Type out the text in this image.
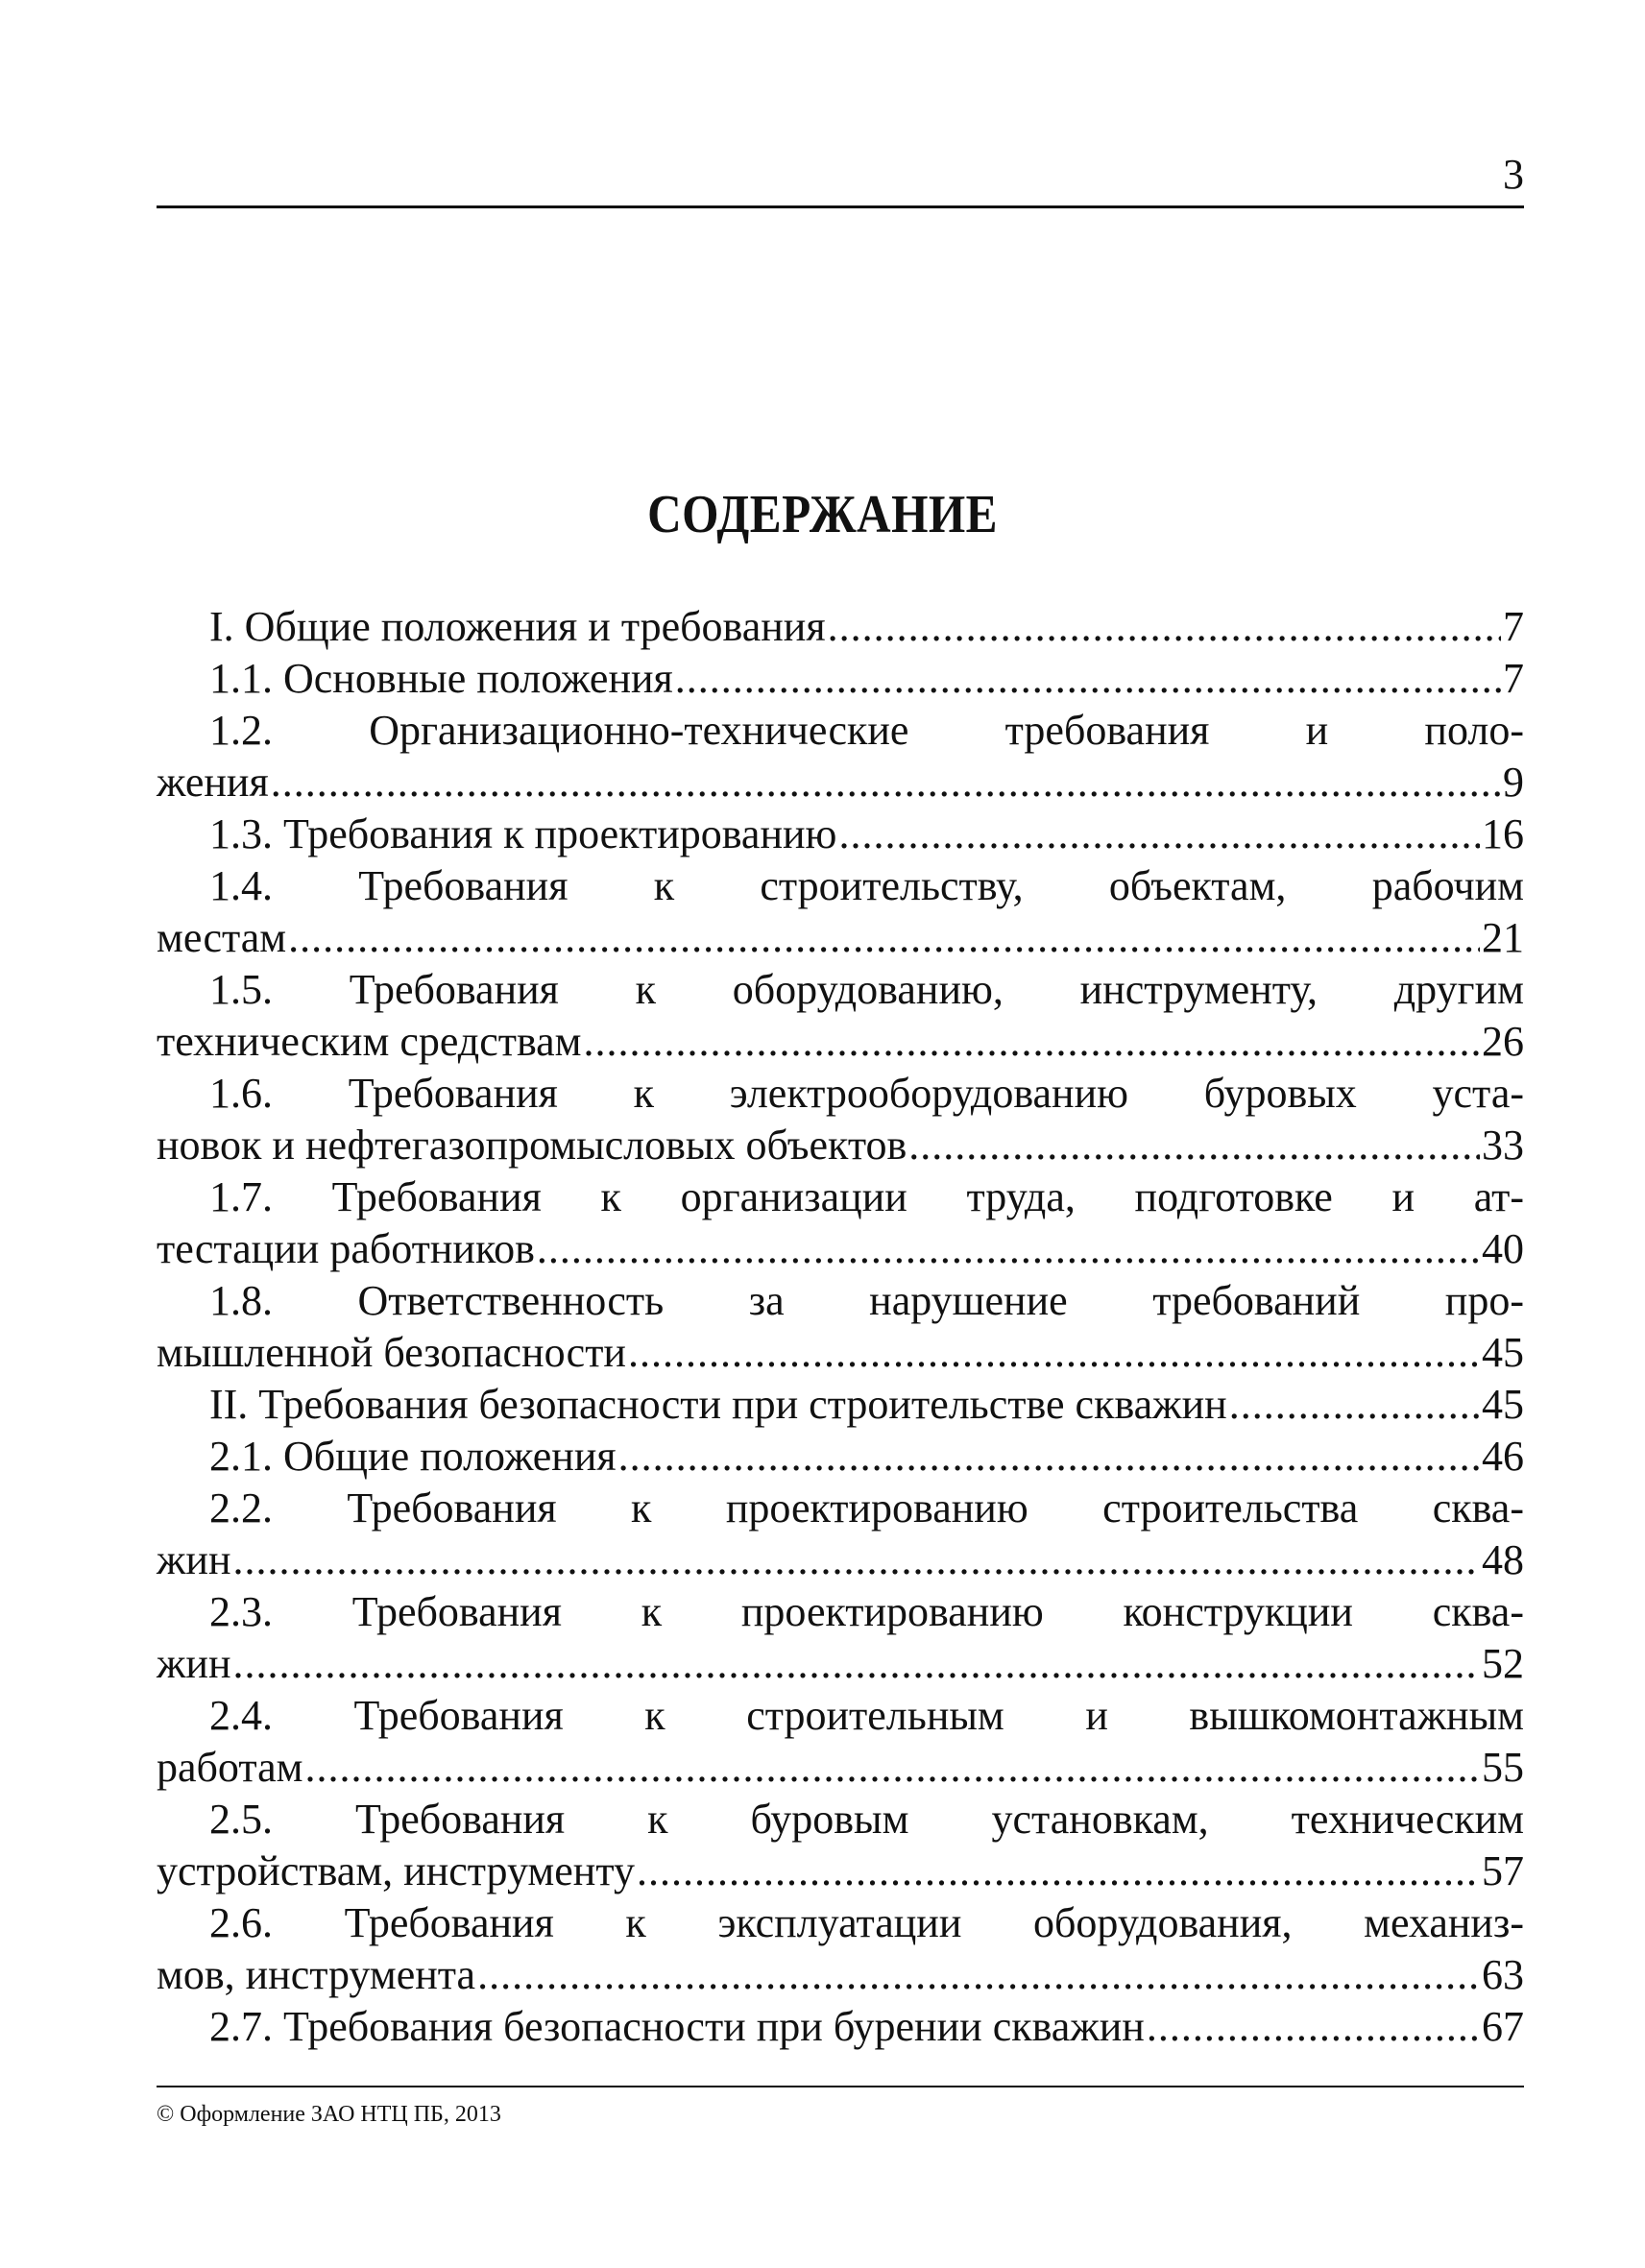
3
СОДЕРЖАНИЕ
I. Общие положения и требования .....	7
1.1. Основные положения .....	7
1.2. Организационно-технические требования и поло-
жения .....	9
1.3. Требования к проектированию .....	16
1.4. Требования к строительству, объектам, рабочим
местам .....	21
1.5. Требования к оборудованию, инструменту, другим
техническим средствам .....	26
1.6. Требования к электрооборудованию буровых уста-
новок и нефтегазопромысловых объектов .....	33
1.7. Требования к организации труда, подготовке и ат-
тестации работников .....	40
1.8. Ответственность за нарушение требований про-
мышленной безопасности .....	45
II. Требования безопасности при строительстве скважин .....	45
2.1. Общие положения .....	46
2.2. Требования к проектированию строительства сква-
жин .....	48
2.3. Требования к проектированию конструкции сква-
жин .....	52
2.4. Требования к строительным и вышкомонтажным
работам .....	55
2.5. Требования к буровым установкам, техническим
устройствам, инструменту .....	57
2.6. Требования к эксплуатации оборудования, механиз-
мов, инструмента .....	63
2.7. Требования безопасности при бурении скважин .....	67
© Оформление ЗАО НТЦ ПБ, 2013
